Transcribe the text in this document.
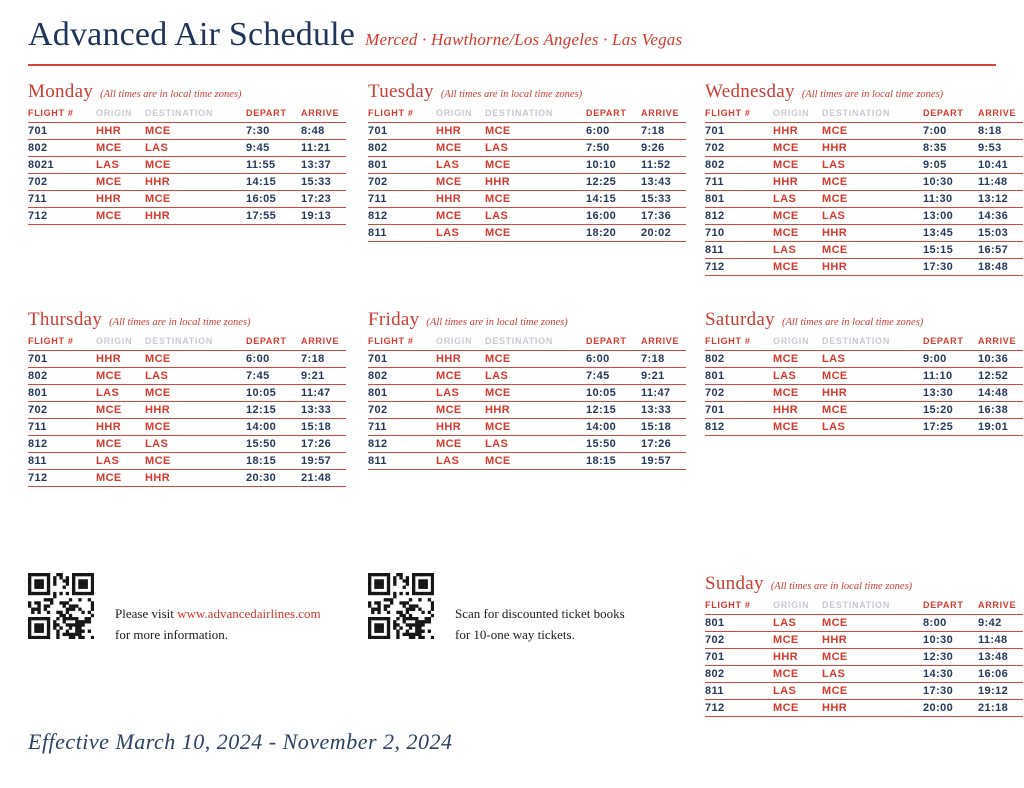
Advanced Air Schedule Merced · Hawthorne/Los Angeles · Las Vegas
Monday (All times are in local time zones)
FLIGHT #	ORIGIN	DESTINATION	DEPART	ARRIVE
701	HHR	MCE	7:30	8:48
802	MCE	LAS	9:45	11:21
8021	LAS	MCE	11:55	13:37
702	MCE	HHR	14:15	15:33
711	HHR	MCE	16:05	17:23
712	MCE	HHR	17:55	19:13
Tuesday (All times are in local time zones)
FLIGHT #	ORIGIN	DESTINATION	DEPART	ARRIVE
701	HHR	MCE	6:00	7:18
802	MCE	LAS	7:50	9:26
801	LAS	MCE	10:10	11:52
702	MCE	HHR	12:25	13:43
711	HHR	MCE	14:15	15:33
812	MCE	LAS	16:00	17:36
811	LAS	MCE	18:20	20:02
Wednesday (All times are in local time zones)
FLIGHT #	ORIGIN	DESTINATION	DEPART	ARRIVE
701	HHR	MCE	7:00	8:18
702	MCE	HHR	8:35	9:53
802	MCE	LAS	9:05	10:41
711	HHR	MCE	10:30	11:48
801	LAS	MCE	11:30	13:12
812	MCE	LAS	13:00	14:36
710	MCE	HHR	13:45	15:03
811	LAS	MCE	15:15	16:57
712	MCE	HHR	17:30	18:48
Thursday (All times are in local time zones)
FLIGHT #	ORIGIN	DESTINATION	DEPART	ARRIVE
701	HHR	MCE	6:00	7:18
802	MCE	LAS	7:45	9:21
801	LAS	MCE	10:05	11:47
702	MCE	HHR	12:15	13:33
711	HHR	MCE	14:00	15:18
812	MCE	LAS	15:50	17:26
811	LAS	MCE	18:15	19:57
712	MCE	HHR	20:30	21:48
Friday (All times are in local time zones)
FLIGHT #	ORIGIN	DESTINATION	DEPART	ARRIVE
701	HHR	MCE	6:00	7:18
802	MCE	LAS	7:45	9:21
801	LAS	MCE	10:05	11:47
702	MCE	HHR	12:15	13:33
711	HHR	MCE	14:00	15:18
812	MCE	LAS	15:50	17:26
811	LAS	MCE	18:15	19:57
Saturday (All times are in local time zones)
FLIGHT #	ORIGIN	DESTINATION	DEPART	ARRIVE
802	MCE	LAS	9:00	10:36
801	LAS	MCE	11:10	12:52
702	MCE	HHR	13:30	14:48
701	HHR	MCE	15:20	16:38
812	MCE	LAS	17:25	19:01
Sunday (All times are in local time zones)
FLIGHT #	ORIGIN	DESTINATION	DEPART	ARRIVE
801	LAS	MCE	8:00	9:42
702	MCE	HHR	10:30	11:48
701	HHR	MCE	12:30	13:48
802	MCE	LAS	14:30	16:06
811	LAS	MCE	17:30	19:12
712	MCE	HHR	20:00	21:18
Please visit www.advancedairlines.com
for more information.
Scan for discounted ticket books
for 10-one way tickets.
Effective March 10, 2024 - November 2, 2024
